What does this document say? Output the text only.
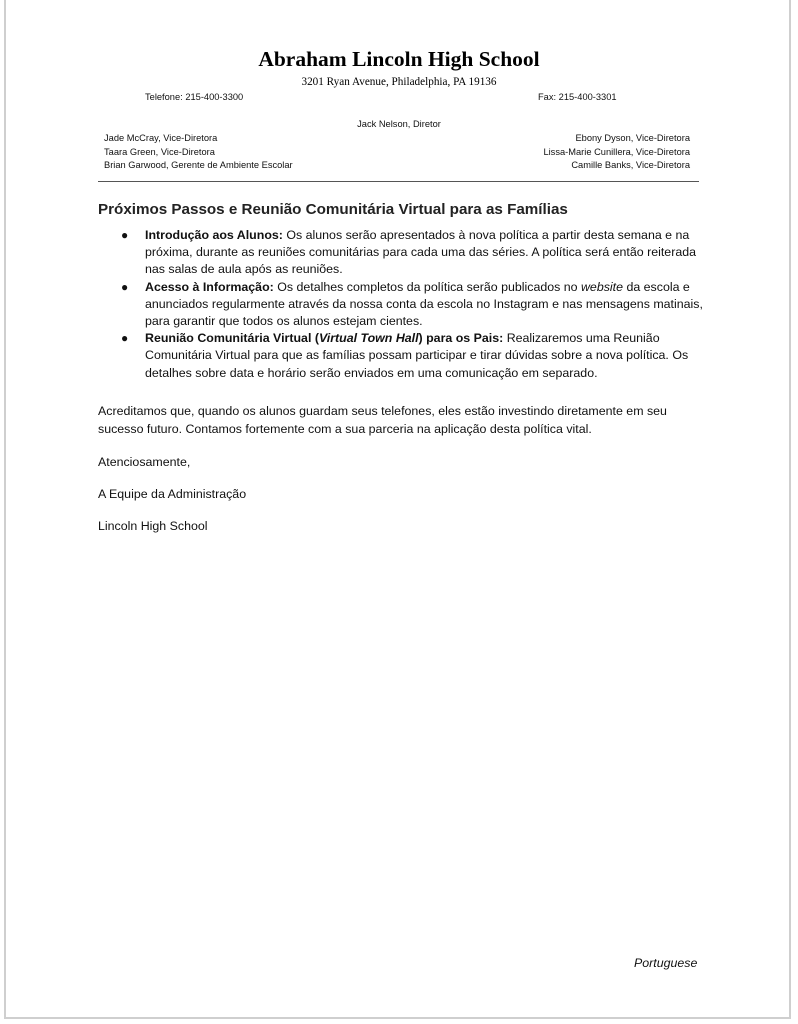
Abraham Lincoln High School
3201 Ryan Avenue, Philadelphia, PA 19136
Telefone: 215-400-3300	Fax: 215-400-3301
Jack Nelson, Diretor
Jade McCray, Vice-Diretora
Taara Green, Vice-Diretora
Brian Garwood, Gerente de Ambiente Escolar
Ebony Dyson, Vice-Diretora
Lissa-Marie Cunillera, Vice-Diretora
Camille Banks, Vice-Diretora
Próximos Passos e Reunião Comunitária Virtual para as Famílias
● Introdução aos Alunos: Os alunos serão apresentados à nova política a partir desta semana e na próxima, durante as reuniões comunitárias para cada uma das séries. A política será então reiterada nas salas de aula após as reuniões.
● Acesso à Informação: Os detalhes completos da política serão publicados no website da escola e anunciados regularmente através da nossa conta da escola no Instagram e nas mensagens matinais, para garantir que todos os alunos estejam cientes.
● Reunião Comunitária Virtual (Virtual Town Hall) para os Pais: Realizaremos uma Reunião Comunitária Virtual para que as famílias possam participar e tirar dúvidas sobre a nova política. Os detalhes sobre data e horário serão enviados em uma comunicação em separado.
Acreditamos que, quando os alunos guardam seus telefones, eles estão investindo diretamente em seu sucesso futuro. Contamos fortemente com a sua parceria na aplicação desta política vital.
Atenciosamente,
A Equipe da Administração
Lincoln High School
Portuguese
